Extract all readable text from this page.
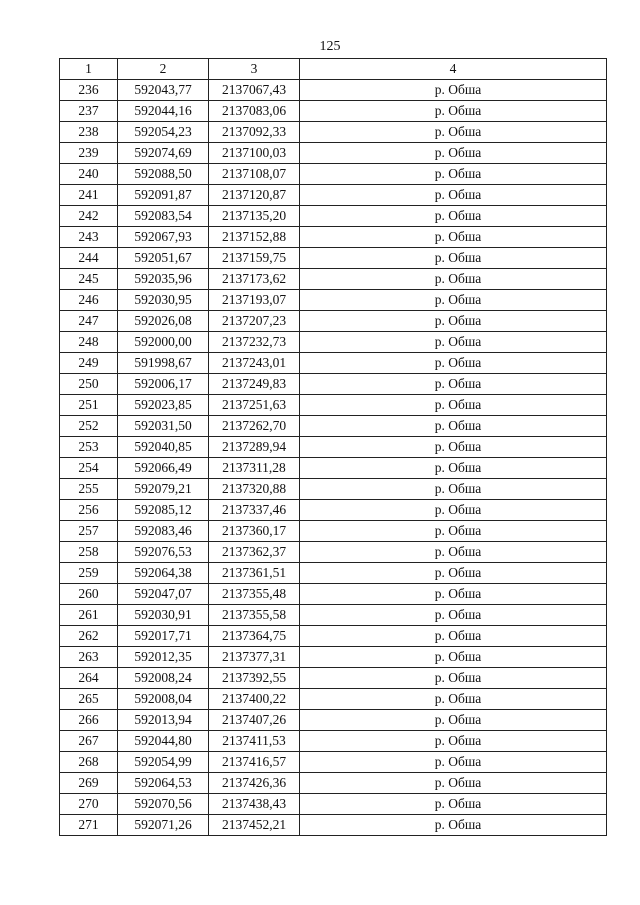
125
1	2	3	4
236	592043,77	2137067,43	р. Обша
237	592044,16	2137083,06	р. Обша
238	592054,23	2137092,33	р. Обша
239	592074,69	2137100,03	р. Обша
240	592088,50	2137108,07	р. Обша
241	592091,87	2137120,87	р. Обша
242	592083,54	2137135,20	р. Обша
243	592067,93	2137152,88	р. Обша
244	592051,67	2137159,75	р. Обша
245	592035,96	2137173,62	р. Обша
246	592030,95	2137193,07	р. Обша
247	592026,08	2137207,23	р. Обша
248	592000,00	2137232,73	р. Обша
249	591998,67	2137243,01	р. Обша
250	592006,17	2137249,83	р. Обша
251	592023,85	2137251,63	р. Обша
252	592031,50	2137262,70	р. Обша
253	592040,85	2137289,94	р. Обша
254	592066,49	2137311,28	р. Обша
255	592079,21	2137320,88	р. Обша
256	592085,12	2137337,46	р. Обша
257	592083,46	2137360,17	р. Обша
258	592076,53	2137362,37	р. Обша
259	592064,38	2137361,51	р. Обша
260	592047,07	2137355,48	р. Обша
261	592030,91	2137355,58	р. Обша
262	592017,71	2137364,75	р. Обша
263	592012,35	2137377,31	р. Обша
264	592008,24	2137392,55	р. Обша
265	592008,04	2137400,22	р. Обша
266	592013,94	2137407,26	р. Обша
267	592044,80	2137411,53	р. Обша
268	592054,99	2137416,57	р. Обша
269	592064,53	2137426,36	р. Обша
270	592070,56	2137438,43	р. Обша
271	592071,26	2137452,21	р. Обша
